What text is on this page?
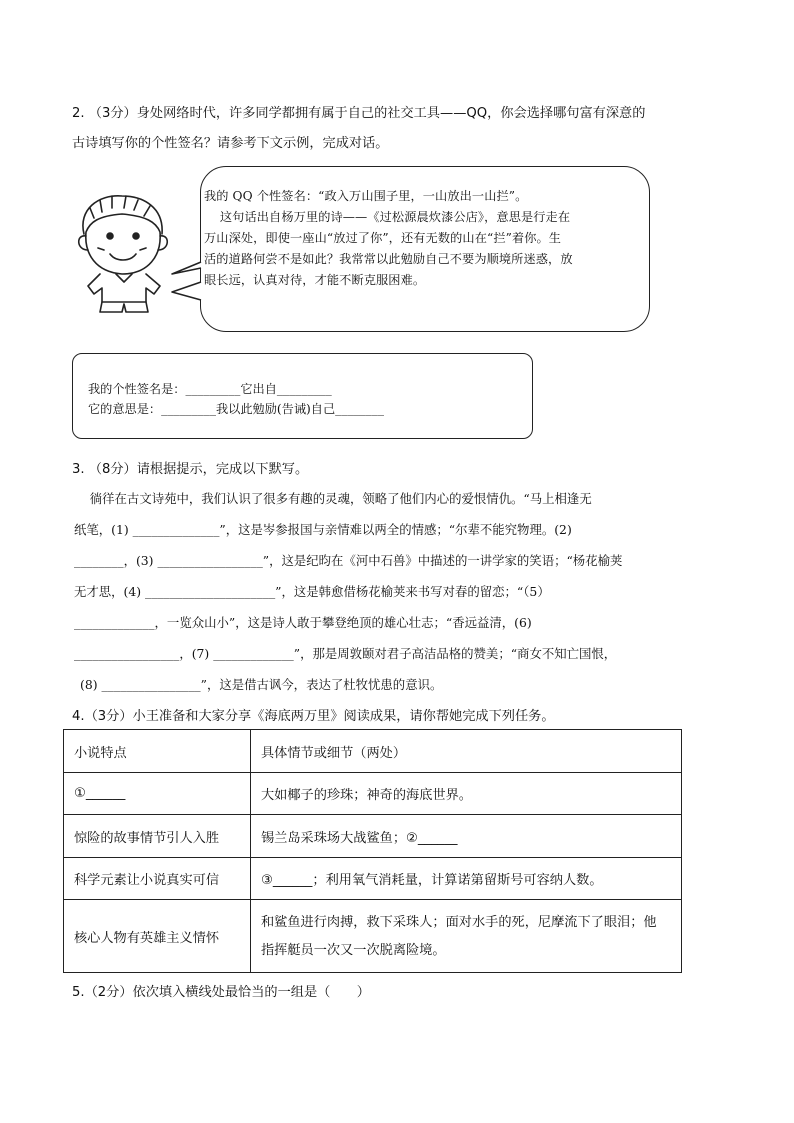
2. （3分）身处网络时代，许多同学都拥有属于自己的社交工具——QQ，你会选择哪句富有深意的
古诗填写你的个性签名？请参考下文示例，完成对话。
我的 QQ 个性签名：“政入万山围子里，一山放出一山拦”。
这句话出自杨万里的诗——《过松源晨炊漆公店》，意思是行走在
万山深处，即使一座山“放过了你”，还有无数的山在“拦”着你。生
活的道路何尝不是如此？我常常以此勉励自己不要为顺境所迷惑，放
眼长远，认真对待，才能不断克服困难。
我的个性签名是：_________它出自_________
它的意思是：_________我以此勉励(告诫)自己________
3. （8分）请根据提示，完成以下默写。
徜徉在古文诗苑中，我们认识了很多有趣的灵魂，领略了他们内心的爱恨情仇。“马上相逢无
纸笔，(1) ______________”，这是岑参报国与亲情难以两全的情感；“尔辈不能究物理。(2)
________，(3) _________________”，这是纪昀在《河中石兽》中描述的一讲学家的笑语；“杨花榆荚
无才思，(4) _____________________”，这是韩愈借杨花榆荚来书写对春的留恋；“（5）
_____________，一览众山小”，这是诗人敢于攀登绝顶的雄心壮志；“香远益清，(6)
_________________，(7) _____________”，那是周敦颐对君子高洁品格的赞美；“商女不知亡国恨，
(8) ________________”，这是借古讽今，表达了杜牧忧患的意识。
4.（3分）小王准备和大家分享《海底两万里》阅读成果，请你帮她完成下列任务。
小说特点	具体情节或细节（两处）
①______	大如椰子的珍珠；神奇的海底世界。
惊险的故事情节引人入胜	锡兰岛采珠场大战鲨鱼；②______
科学元素让小说真实可信	③______；利用氧气消耗量，计算诺第留斯号可容纳人数。
核心人物有英雄主义情怀	和鲨鱼进行肉搏，救下采珠人；面对水手的死，尼摩流下了眼泪；他
指挥艇员一次又一次脱离险境。
5.（2分）依次填入横线处最恰当的一组是（　　）
